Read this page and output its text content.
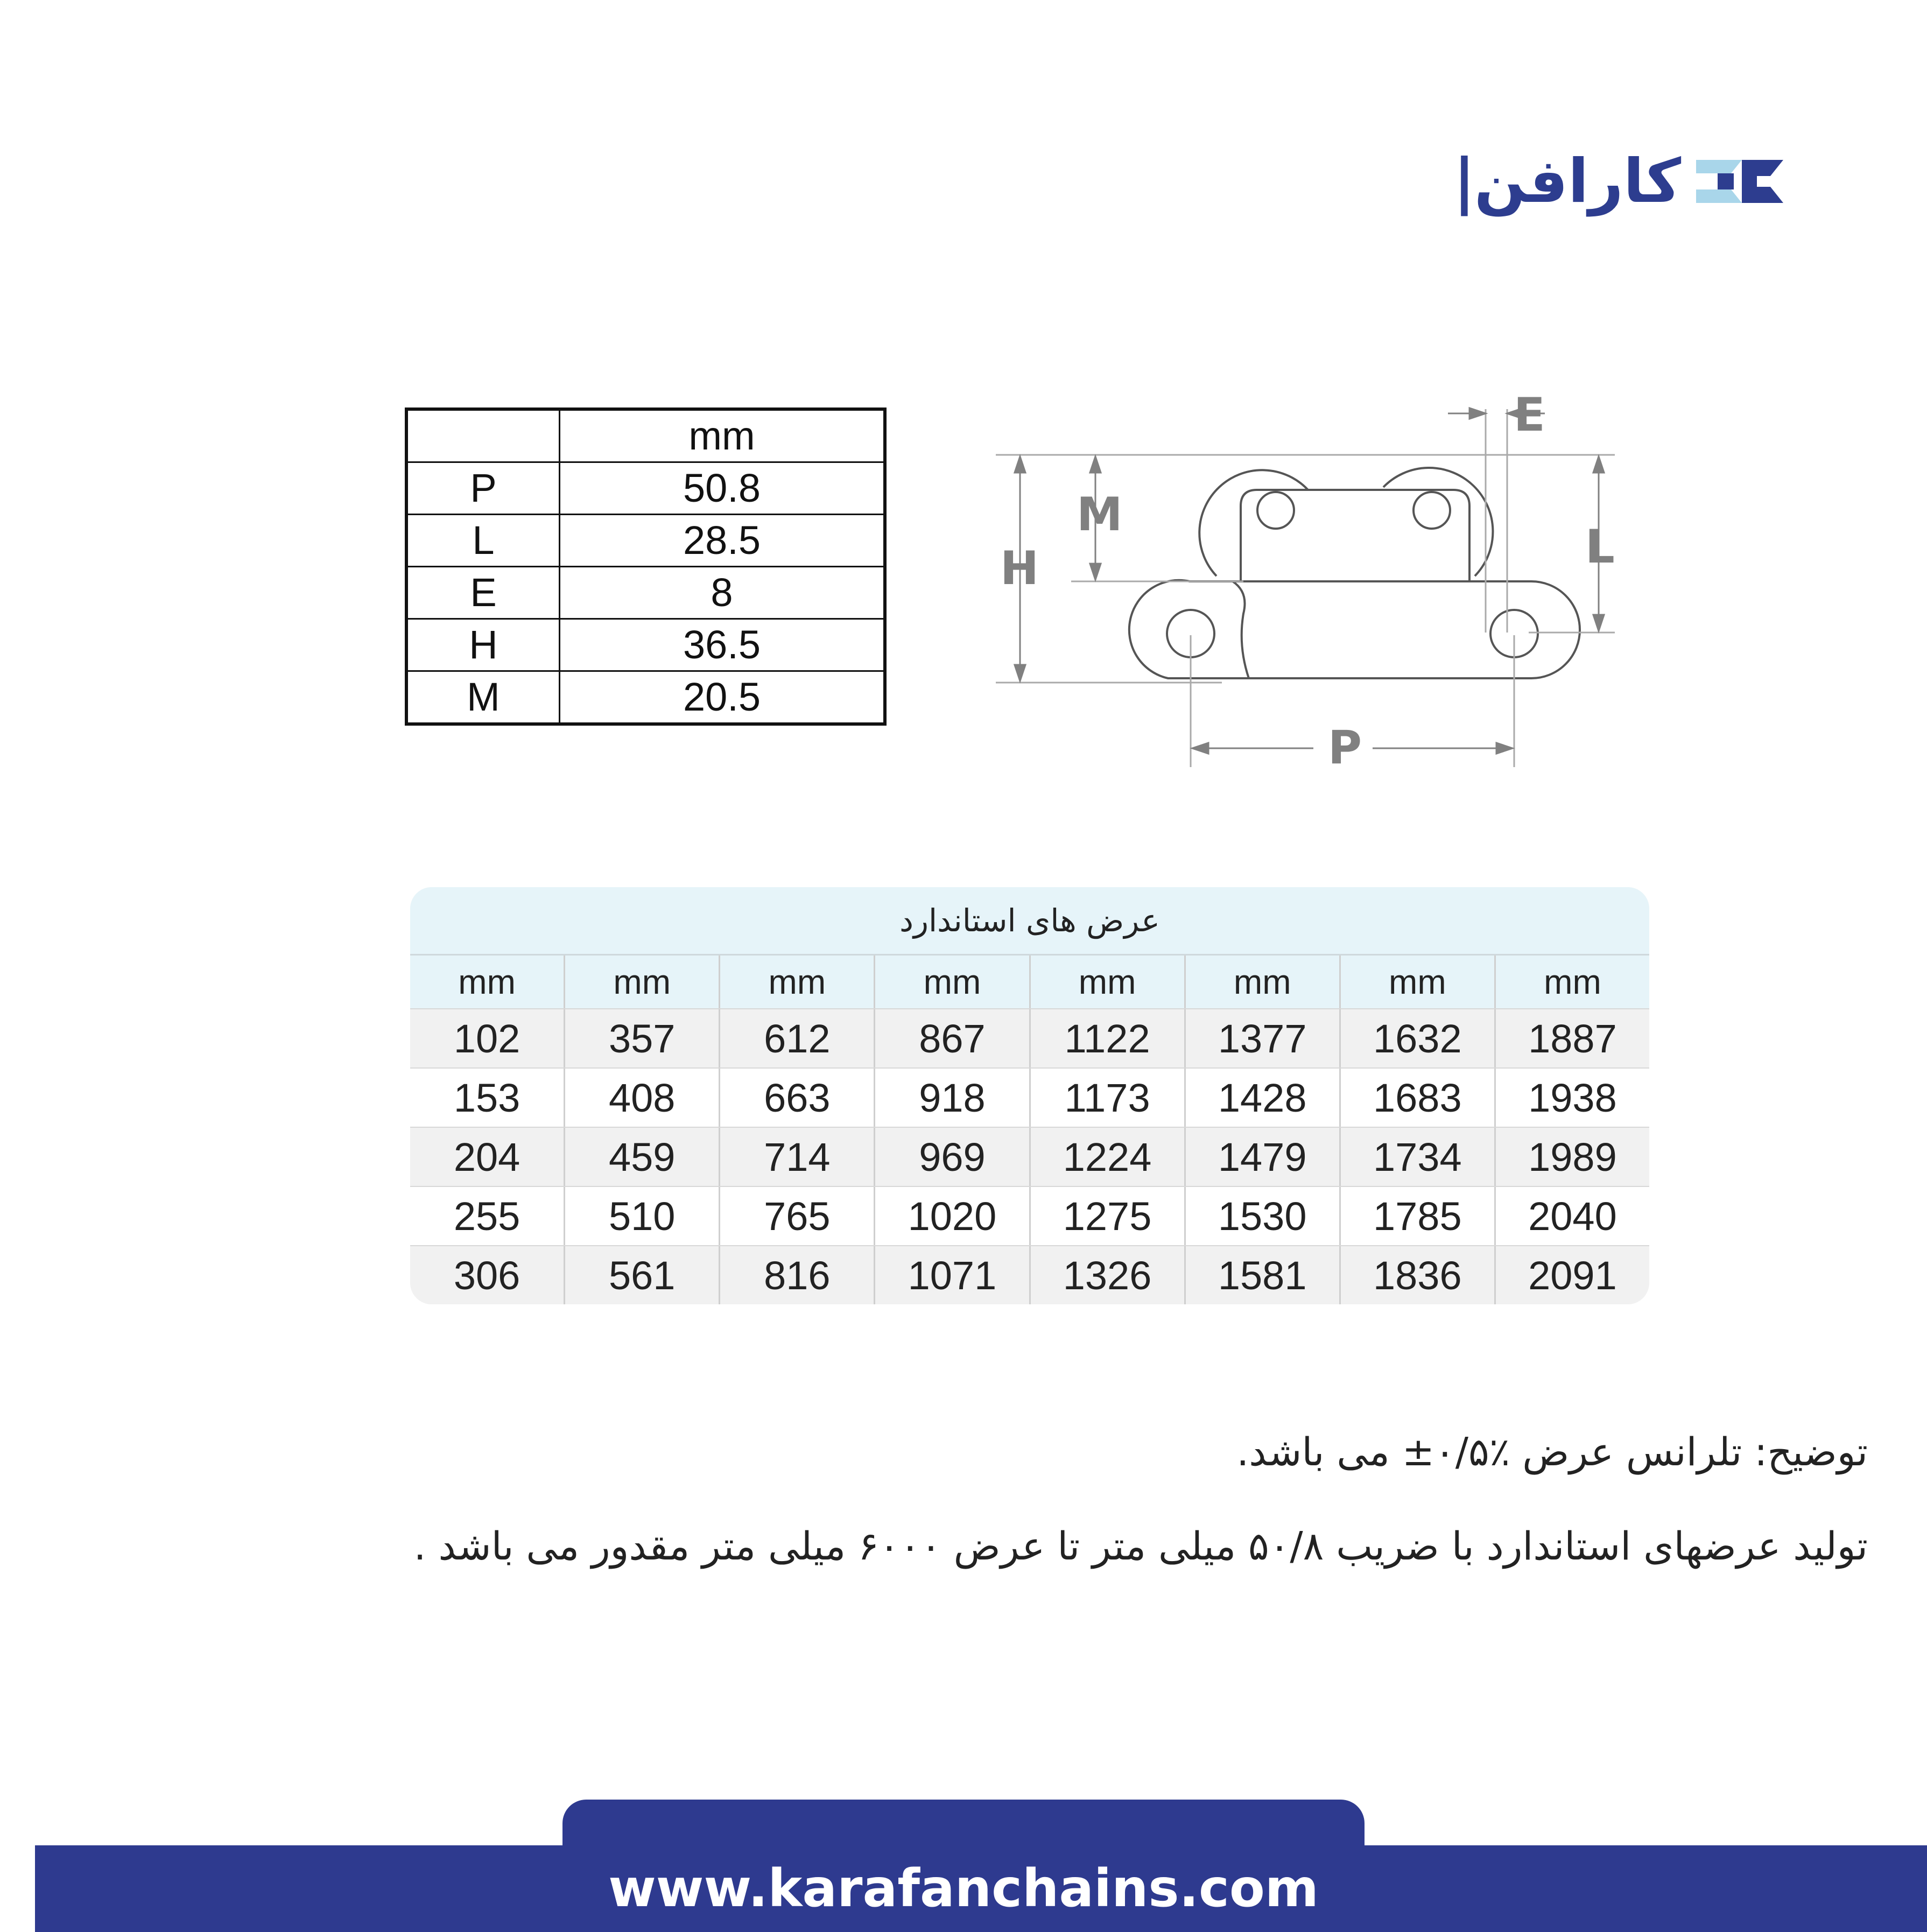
کارافن
|
	mm
P	50.8
L	28.5
E	8
H	36.5
M	20.5
E
M
H	L
P
عرض های استاندارد
mm	mm	mm	mm	mm	mm	mm	mm
102	357	612	867	1122	1377	1632	1887
153	408	663	918	1173	1428	1683	1938
204	459	714	969	1224	1479	1734	1989
255	510	765	1020	1275	1530	1785	2040
306	561	816	1071	1326	1581	1836	2091
توضیح: تلرانس عرض ٪۰/۵± می باشد.
تولید عرضهای استاندارد با ضریب ۵۰/۸ میلی متر تا عرض ۶۰۰۰ میلی متر مقدور می باشد .
www.karafanchains.com
